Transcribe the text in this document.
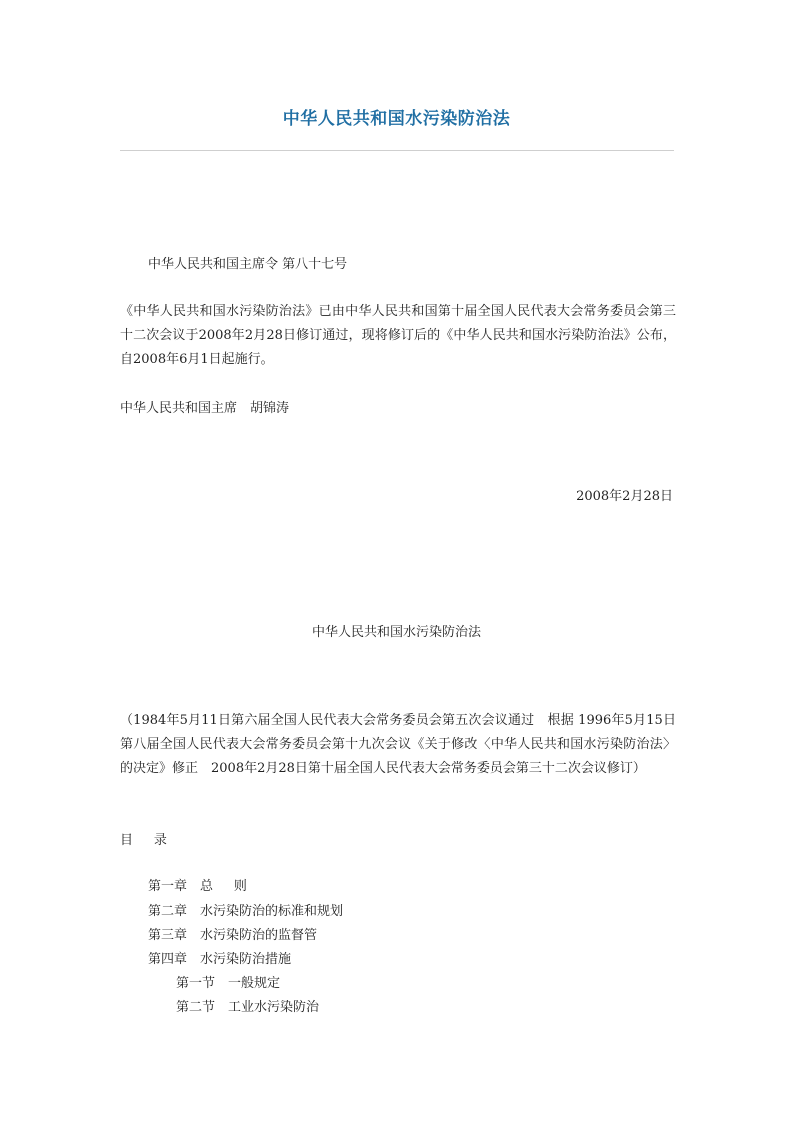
中华人民共和国水污染防治法
中华人民共和国主席令 第八十七号
《中华人民共和国水污染防治法》已由中华人民共和国第十届全国人民代表大会常务委员会第三十二次会议于2008年2月28日修订通过，现将修订后的《中华人民共和国水污染防治法》公布，自2008年6月1日起施行。
中华人民共和国主席 胡锦涛
2008年2月28日
中华人民共和国水污染防治法
（1984年5月11日第六届全国人民代表大会常务委员会第五次会议通过　根据 1996年5月15日第八届全国人民代表大会常务委员会第十九次会议《关于修改〈中华人民共和国水污染防治法〉的决定》修正　2008年2月28日第十届全国人民代表大会常务委员会第三十二次会议修订）
目 录
第一章 总 则
第二章 水污染防治的标准和规划
第三章 水污染防治的监督管
第四章 水污染防治措施
第一节 一般规定
第二节 工业水污染防治
